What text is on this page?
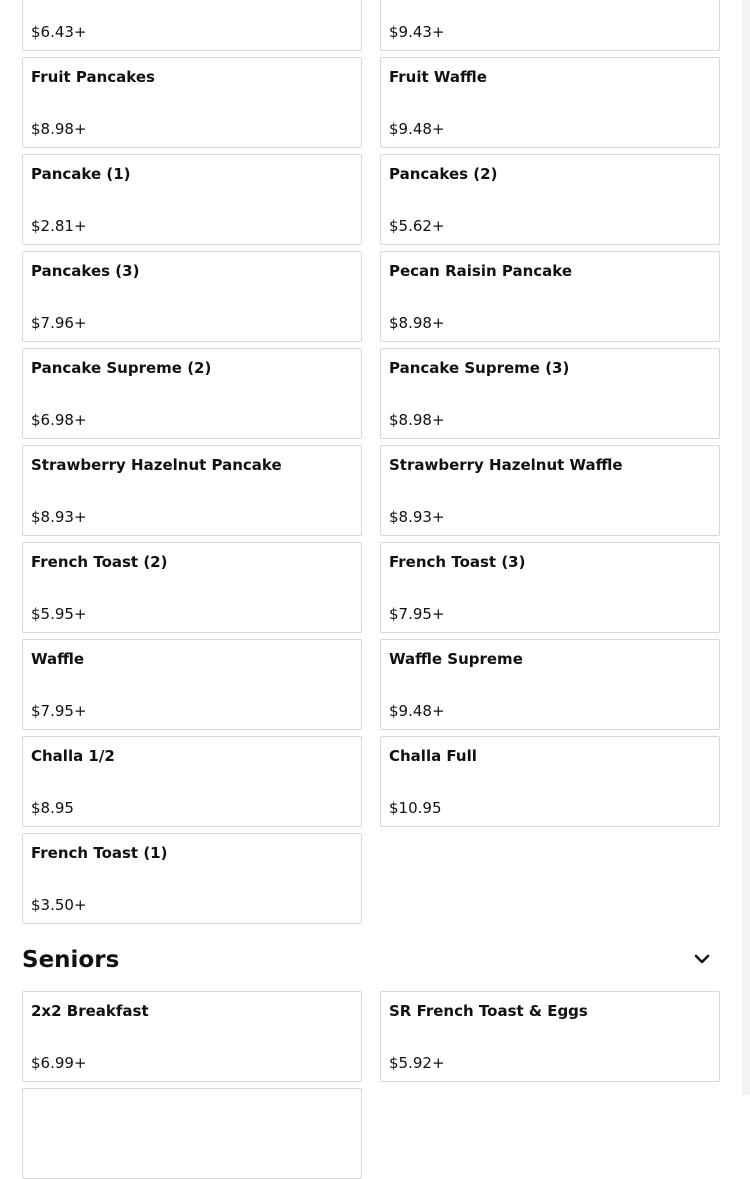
$6.43+	$9.43+
Fruit Pancakes
$8.98+
Fruit Waffle
$9.48+
Pancake (1)
$2.81+
Pancakes (2)
$5.62+
Pancakes (3)
$7.96+
Pecan Raisin Pancake
$8.98+
Pancake Supreme (2)
$6.98+
Pancake Supreme (3)
$8.98+
Strawberry Hazelnut Pancake
$8.93+
Strawberry Hazelnut Waffle
$8.93+
French Toast (2)
$5.95+
French Toast (3)
$7.95+
Waffle
$7.95+
Waffle Supreme
$9.48+
Challa 1/2
$8.95
Challa Full
$10.95
French Toast (1)
$3.50+
Seniors
2x2 Breakfast
$6.99+
SR French Toast & Eggs
$5.92+
